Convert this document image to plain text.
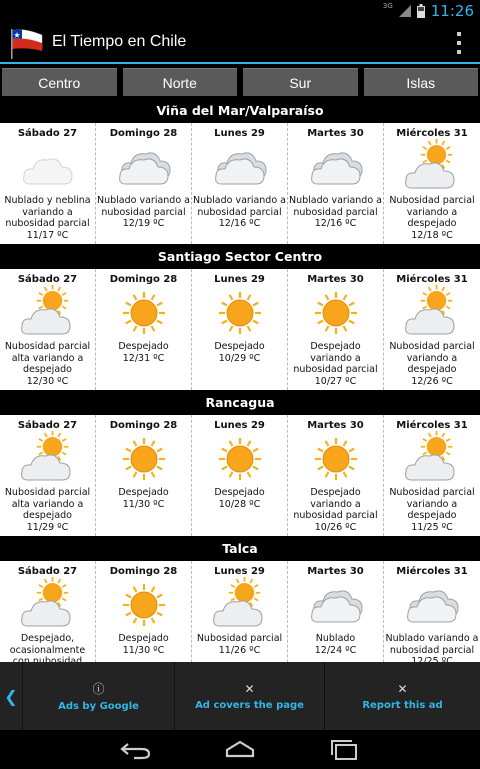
3G	11:26
El Tiempo en Chile
Centro	Norte	Sur	Islas
Viña del Mar/Valparaíso
Sábado 27
Nublado y neblina variando a nubosidad parcial
11/17 ºC
Domingo 28
Nublado variando a nubosidad parcial
12/19 ºC
Lunes 29
Nublado variando a nubosidad parcial
12/16 ºC
Martes 30
Nublado variando a nubosidad parcial
12/16 ºC
Miércoles 31
Nubosidad parcial variando a despejado
12/18 ºC
Santiago Sector Centro
Sábado 27
Nubosidad parcial alta variando a despejado
12/30 ºC
Domingo 28
Despejado
12/31 ºC
Lunes 29
Despejado
10/29 ºC
Martes 30
Despejado variando a nubosidad parcial
10/27 ºC
Miércoles 31
Nubosidad parcial variando a despejado
12/26 ºC
Rancagua
Sábado 27
Nubosidad parcial alta variando a despejado
11/29 ºC
Domingo 28
Despejado
11/30 ºC
Lunes 29
Despejado
10/28 ºC
Martes 30
Despejado variando a nubosidad parcial
10/26 ºC
Miércoles 31
Nubosidad parcial variando a despejado
11/25 ºC
Talca
Sábado 27
Despejado, ocasionalmente
Domingo 28
Despejado
11/30 ºC
Lunes 29
Nubosidad parcial
11/26 ºC
Martes 30
Nublado
12/24 ºC
Miércoles 31
Nublado variando a nubosidad parcial
❮	ⓘ
Ads by Google
✕
Ad covers the page
✕
Report this ad
